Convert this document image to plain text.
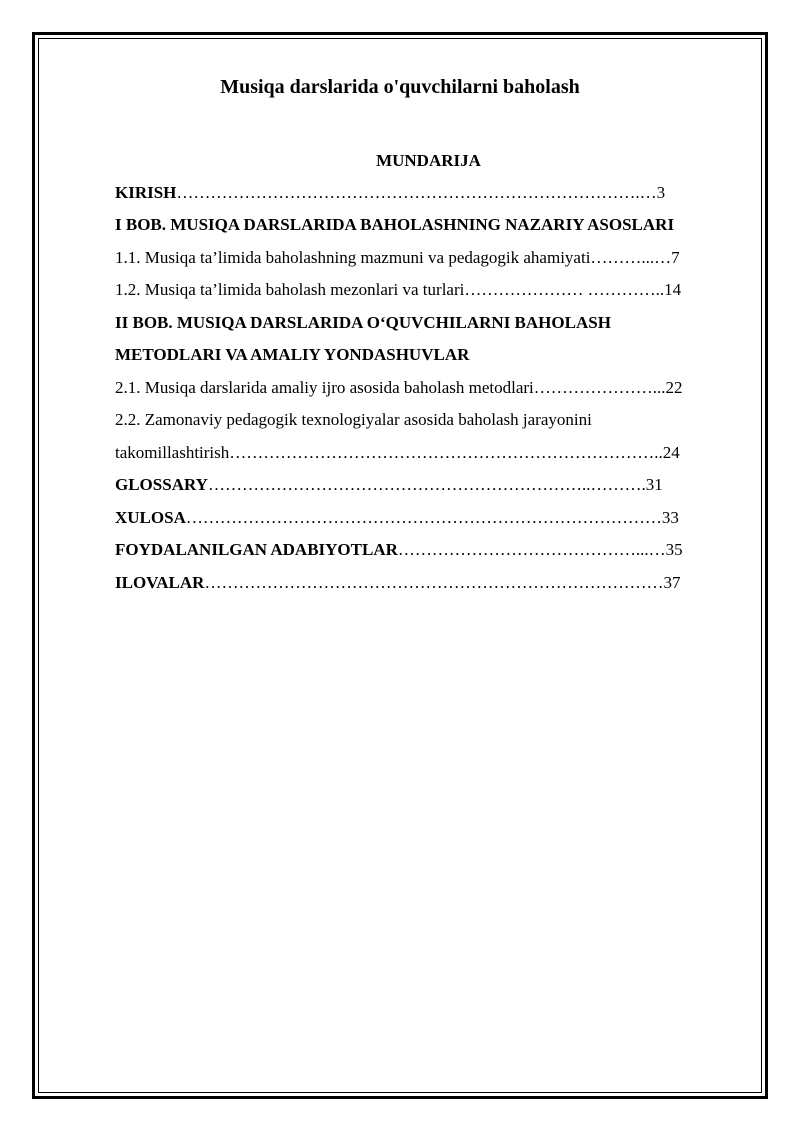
Musiqa darslarida o'quvchilarni baholash
MUNDARIJA
KIRISH……………………………………………………………………….…3
I BOB. MUSIQA DARSLARIDA BAHOLASHNING NAZARIY ASOSLARI
1.1. Musiqa ta’limida baholashning mazmuni va pedagogik ahamiyati………...…7
1.2. Musiqa ta’limida baholash mezonlari va turlari………………… …………..14
II BOB. MUSIQA DARSLARIDA O‘QUVCHILARNI BAHOLASH
METODLARI VA AMALIY YONDASHUVLAR
2.1. Musiqa darslarida amaliy ijro asosida baholash metodlari…………………...22
2.2. Zamonaviy pedagogik texnologiyalar asosida baholash jarayonini
takomillashtirish…………………………………………………………………..24
GLOSSARY…………………………………………………………..……….31
XULOSA…………………………………………………………………………33
FOYDALANILGAN ADABIYOTLAR……………………………………...…35
ILOVALAR………………………………………………………………………37
